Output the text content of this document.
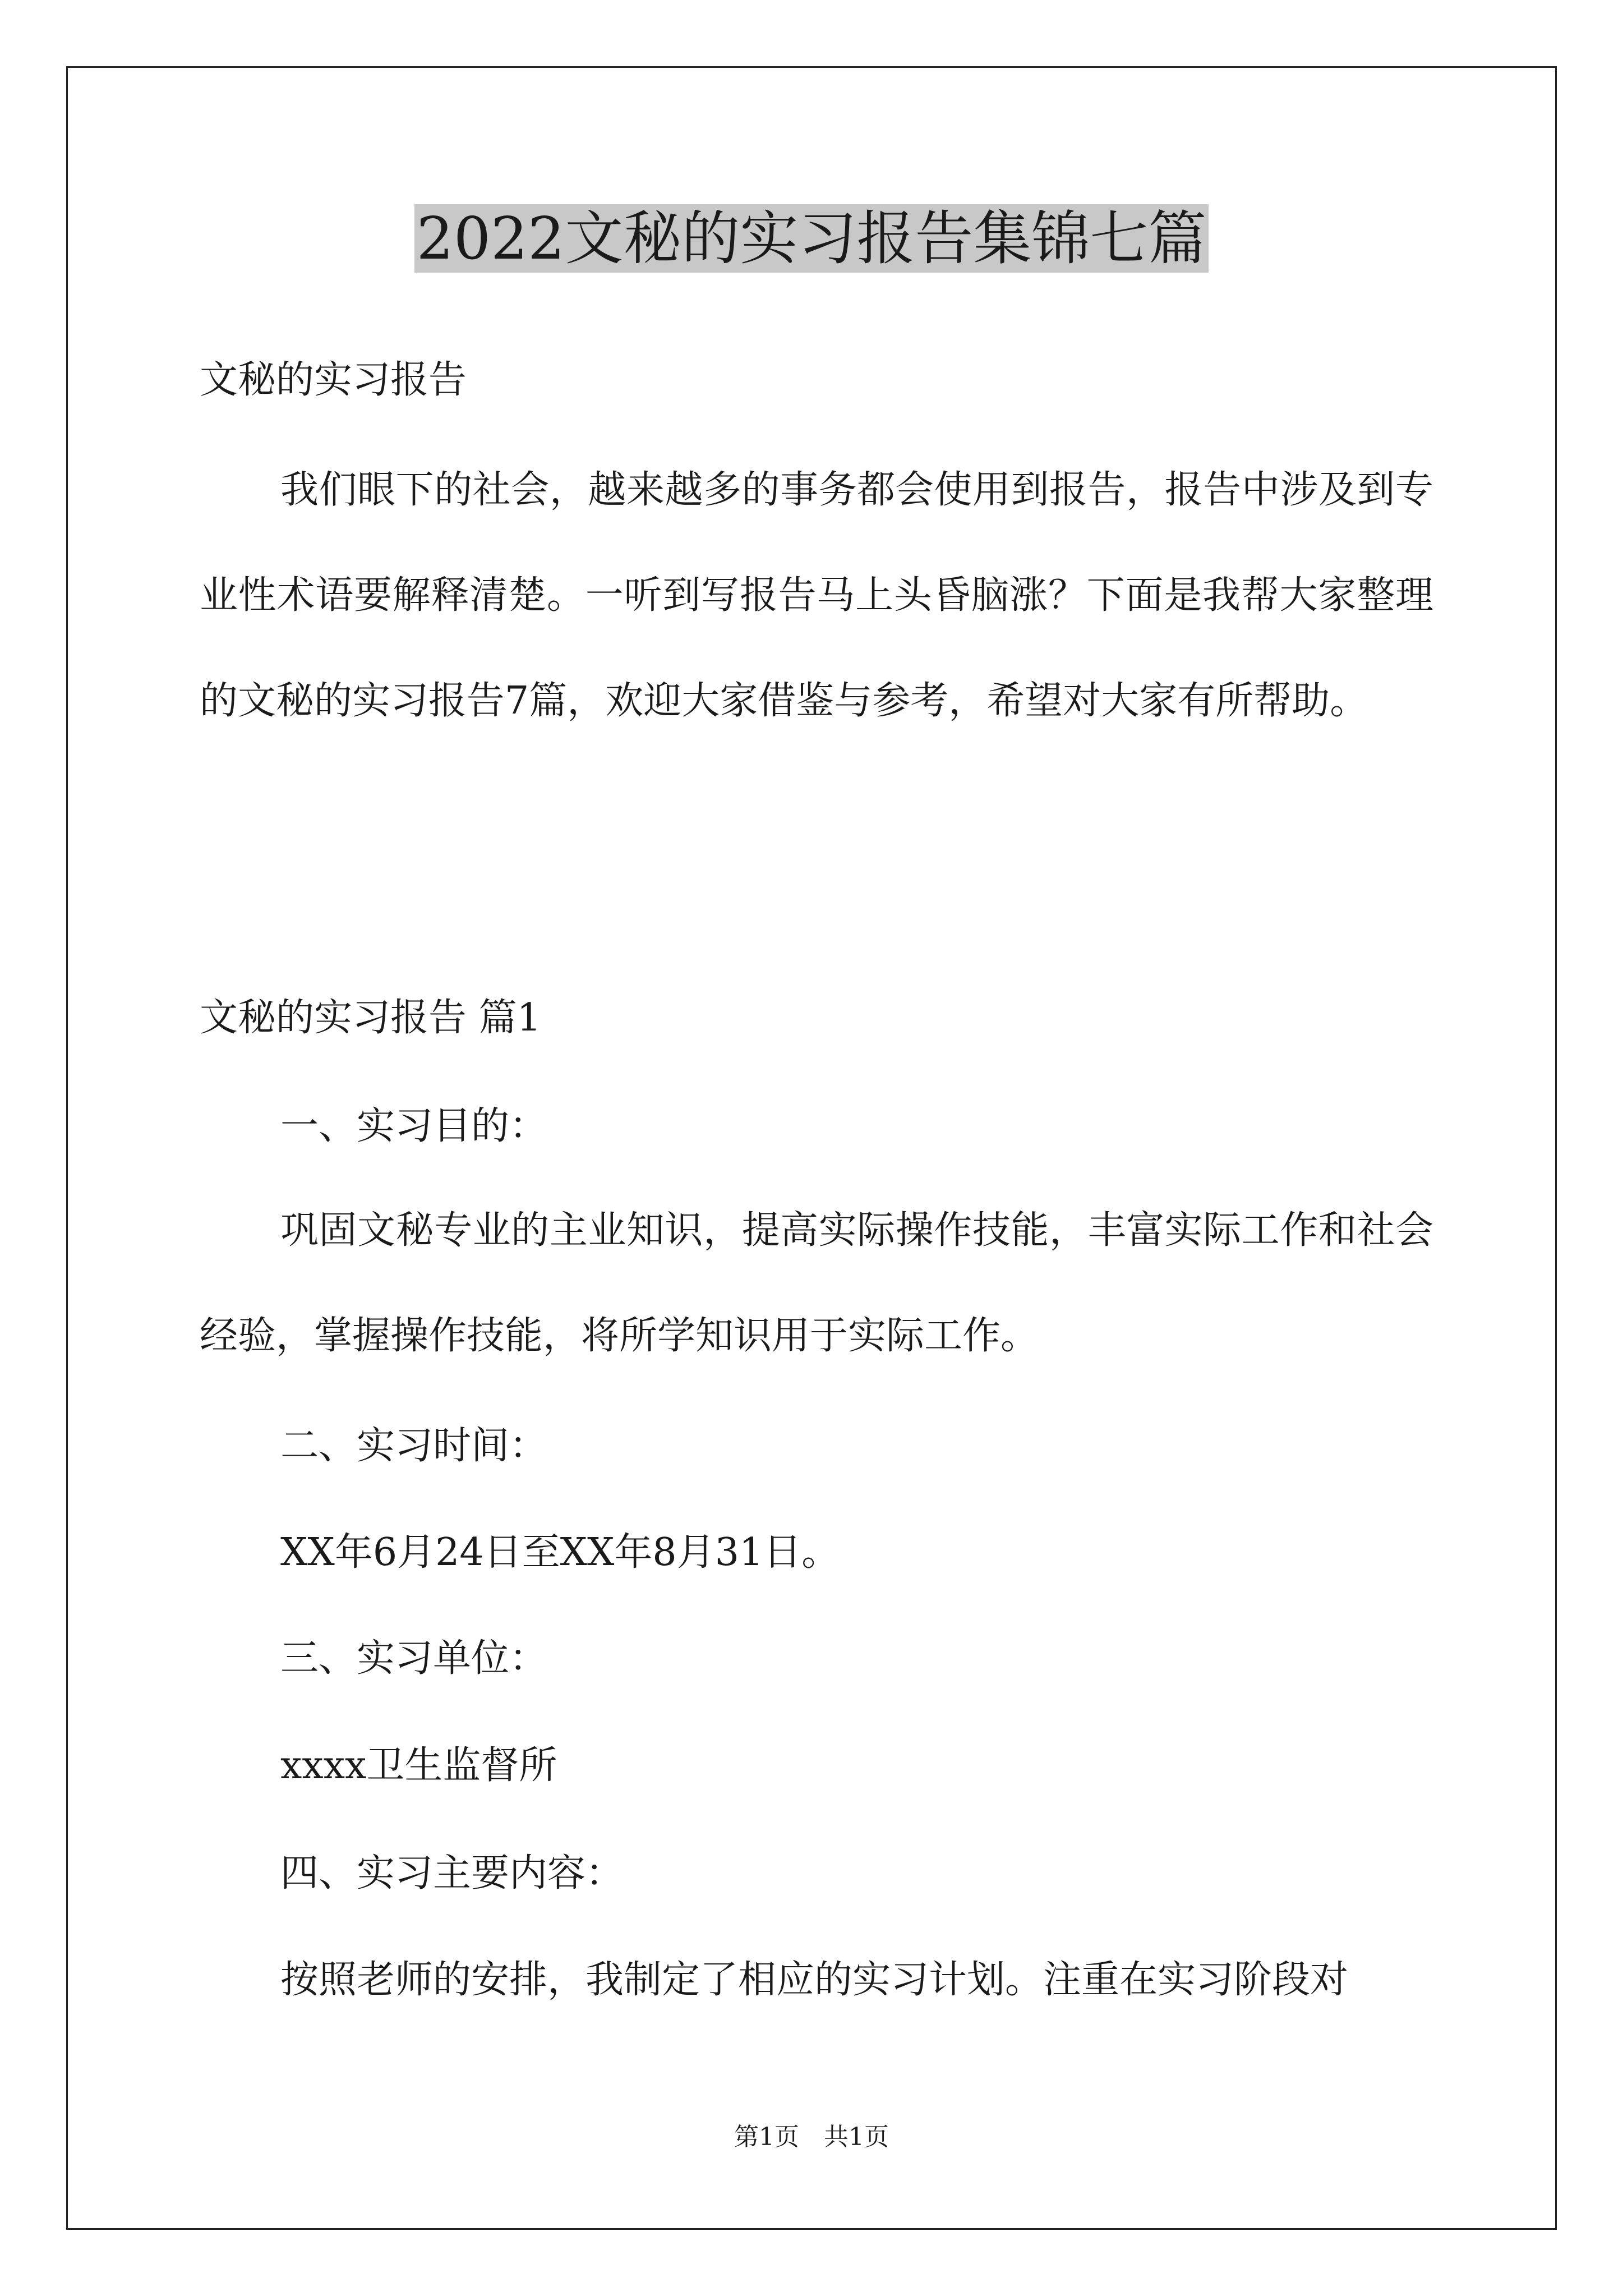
2022文秘的实习报告集锦七篇
文秘的实习报告
我们眼下的社会，越来越多的事务都会使用到报告，报告中涉及到专业性术语要解释清楚。一听到写报告马上头昏脑涨？下面是我帮大家整理的文秘的实习报告7篇，欢迎大家借鉴与参考，希望对大家有所帮助。
文秘的实习报告 篇1
一、实习目的：
巩固文秘专业的主业知识，提高实际操作技能，丰富实际工作和社会经验，掌握操作技能，将所学知识用于实际工作。
二、实习时间：
XX年6月24日至XX年8月31日。
三、实习单位：
xxxx卫生监督所
四、实习主要内容：
按照老师的安排，我制定了相应的实习计划。注重在实习阶段对
第1页　共1页
